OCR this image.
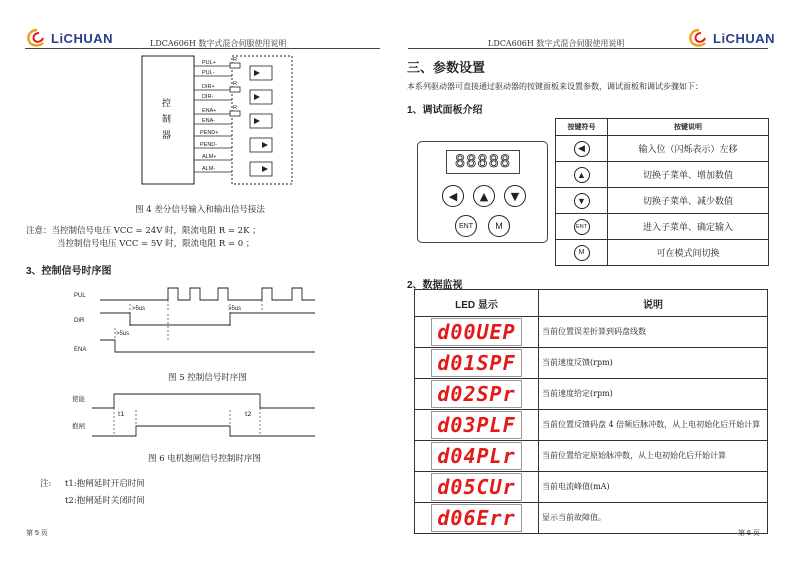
LiCHUAN	LDCA606H 数字式混合伺服使用说明
控
制
器
PUL+
PUL-
DIR+
DIR-
ENA+
ENA-
PEND+
PEND-
ALM+
ALM-
R
R
R
图 4 差分信号输入和输出信号接法
注意：当控制信号电压 VCC = 24V 时，限流电阻 R = 2K ；
当控制信号电压 VCC = 5V 时，限流电阻 R = 0 ；
3、控制信号时序图
PUL
DIR
ENA
>5us	>5us
>5us
图 5 控制信号时序图
使能
抱闸
t1	t2
图 6 电机抱闸信号控制时序图
注: t1:抱闸延时开启时间
t2:抱闸延时关闭时间
第 5 页
LDCA606H 数字式混合伺服使用说明	LiCHUAN
三、参数设置
本系列驱动器可直接通过驱动器的按键面板来设置参数，调试面板和调试步骤如下：
1、调试面板介绍
88888
◀	▲	▼
ENT	M
按键符号	按键说明
◀	输入位（闪烁表示）左移
▲	切换子菜单、增加数值
▼	切换子菜单、减少数值
ENT	进入子菜单、确定输入
M	可在模式间切换
2、数据监视
LED 显示	说明
d00UEP	当前位置误差折算到码盘线数
d01SPF	当前速度反馈(rpm)
d02SPr	当前速度给定(rpm)
d03PLF	当前位置反馈码盘 4 倍频后脉冲数，从上电初始化后开始计算
d04PLr	当前位置给定原始脉冲数，从上电初始化后开始计算
d05CUr	当前电流峰值(mA)
d06Err	显示当前故障值。
第 6 页
